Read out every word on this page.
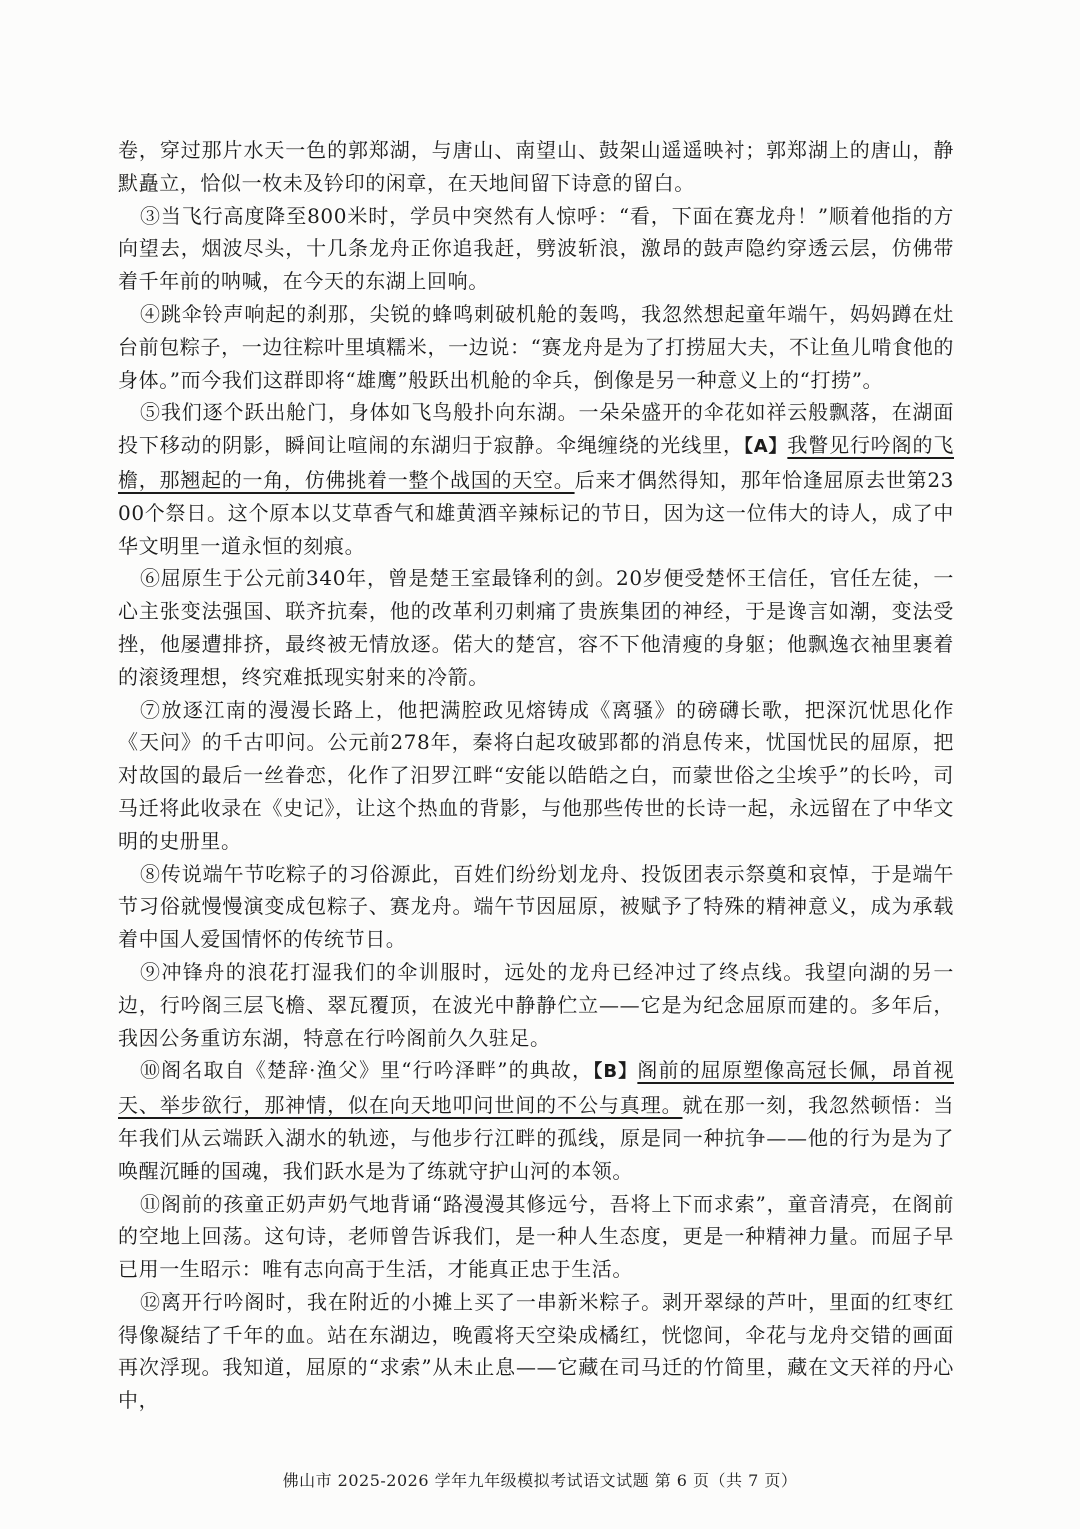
卷，穿过那片水天一色的郭郑湖，与唐山、南望山、鼓架山遥遥映衬；郭郑湖上的唐山，静默矗立，恰似一枚未及钤印的闲章，在天地间留下诗意的留白。

③当飞行高度降至800米时，学员中突然有人惊呼：“看，下面在赛龙舟！”顺着他指的方向望去，烟波尽头，十几条龙舟正你追我赶，劈波斩浪，激昂的鼓声隐约穿透云层，仿佛带着千年前的呐喊，在今天的东湖上回响。

④跳伞铃声响起的刹那，尖锐的蜂鸣刺破机舱的轰鸣，我忽然想起童年端午，妈妈蹲在灶台前包粽子，一边往粽叶里填糯米，一边说：“赛龙舟是为了打捞屈大夫，不让鱼儿啃食他的身体。”而今我们这群即将“雄鹰”般跃出机舱的伞兵，倒像是另一种意义上的“打捞”。

⑤我们逐个跃出舱门，身体如飞鸟般扑向东湖。一朵朵盛开的伞花如祥云般飘落，在湖面投下移动的阴影，瞬间让喧闹的东湖归于寂静。伞绳缠绕的光线里，【A】我瞥见行吟阁的飞檐，那翘起的一角，仿佛挑着一整个战国的天空。后来才偶然得知，那年恰逢屈原去世第2300个祭日。这个原本以艾草香气和雄黄酒辛辣标记的节日，因为这一位伟大的诗人，成了中华文明里一道永恒的刻痕。

⑥屈原生于公元前340年，曾是楚王室最锋利的剑。20岁便受楚怀王信任，官任左徒，一心主张变法强国、联齐抗秦，他的改革利刃刺痛了贵族集团的神经，于是谗言如潮，变法受挫，他屡遭排挤，最终被无情放逐。偌大的楚宫，容不下他清瘦的身躯；他飘逸衣袖里裹着的滚烫理想，终究难抵现实射来的冷箭。

⑦放逐江南的漫漫长路上，他把满腔政见熔铸成《离骚》的磅礴长歌，把深沉忧思化作《天问》的千古叩问。公元前278年，秦将白起攻破郢都的消息传来，忧国忧民的屈原，把对故国的最后一丝眷恋，化作了汨罗江畔“安能以皓皓之白，而蒙世俗之尘埃乎”的长吟，司马迁将此收录在《史记》，让这个热血的背影，与他那些传世的长诗一起，永远留在了中华文明的史册里。

⑧传说端午节吃粽子的习俗源此，百姓们纷纷划龙舟、投饭团表示祭奠和哀悼，于是端午节习俗就慢慢演变成包粽子、赛龙舟。端午节因屈原，被赋予了特殊的精神意义，成为承载着中国人爱国情怀的传统节日。

⑨冲锋舟的浪花打湿我们的伞训服时，远处的龙舟已经冲过了终点线。我望向湖的另一边，行吟阁三层飞檐、翠瓦覆顶，在波光中静静伫立——它是为纪念屈原而建的。多年后，我因公务重访东湖，特意在行吟阁前久久驻足。

⑩阁名取自《楚辞·渔父》里“行吟泽畔”的典故，【B】阁前的屈原塑像高冠长佩，昂首视天、举步欲行，那神情，似在向天地叩问世间的不公与真理。就在那一刻，我忽然顿悟：当年我们从云端跃入湖水的轨迹，与他步行江畔的孤线，原是同一种抗争——他的行为是为了唤醒沉睡的国魂，我们跃水是为了练就守护山河的本领。

⑪阁前的孩童正奶声奶气地背诵“路漫漫其修远兮，吾将上下而求索”，童音清亮，在阁前的空地上回荡。这句诗，老师曾告诉我们，是一种人生态度，更是一种精神力量。而屈子早已用一生昭示：唯有志向高于生活，才能真正忠于生活。

⑫离开行吟阁时，我在附近的小摊上买了一串新米粽子。剥开翠绿的芦叶，里面的红枣红得像凝结了千年的血。站在东湖边，晚霞将天空染成橘红，恍惚间，伞花与龙舟交错的画面再次浮现。我知道，屈原的“求索”从未止息——它藏在司马迁的竹简里，藏在文天祥的丹心中，

佛山市 2025-2026 学年九年级模拟考试语文试题 第 6 页（共 7 页）
